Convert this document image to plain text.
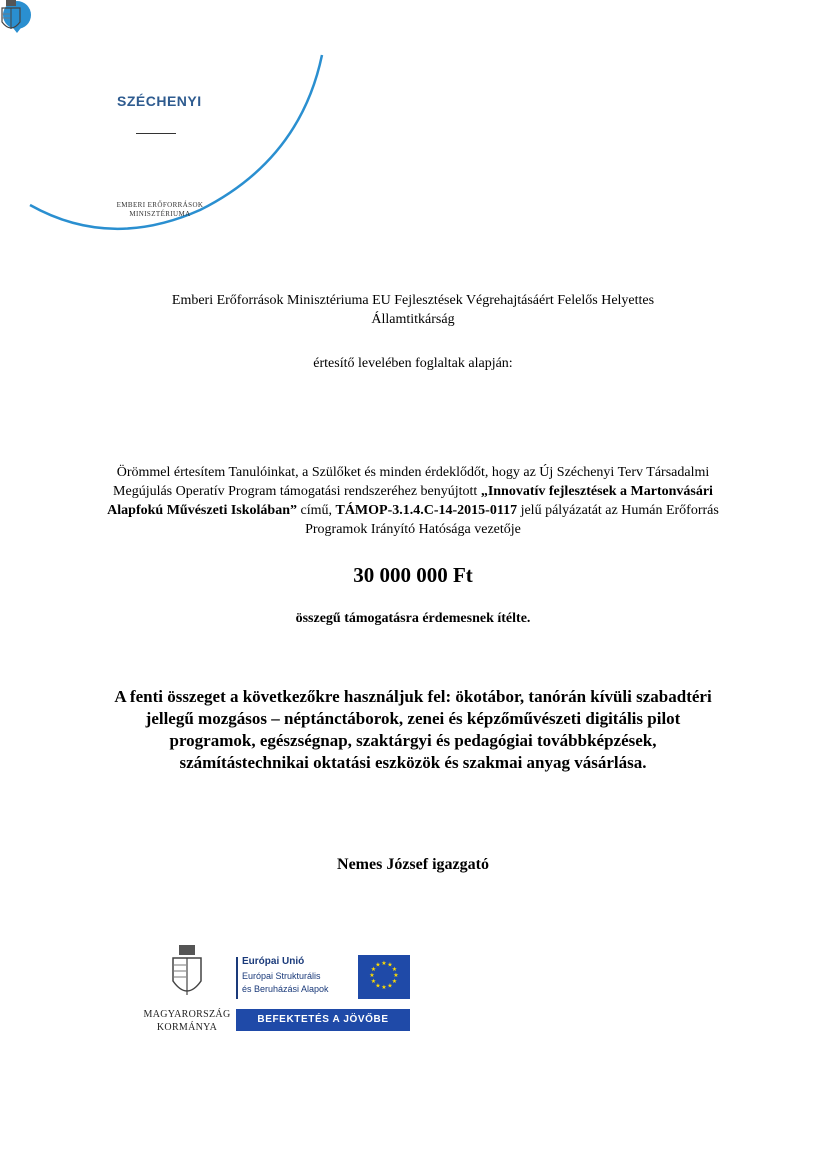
SZÉCHENYI	2020
EMBERI ERŐFORRÁSOK
MINISZTÉRIUMA
Emberi Erőforrások Minisztériuma EU Fejlesztések Végrehajtásáért Felelős Helyettes
Államtitkárság
értesítő levelében foglaltak alapján:
Örömmel értesítem Tanulóinkat, a Szülőket és minden érdeklődőt, hogy az Új Széchenyi Terv Társadalmi Megújulás Operatív Program támogatási rendszeréhez benyújtott „Innovatív fejlesztések a Martonvásári Alapfokú Művészeti Iskolában” című, TÁMOP-3.1.4.C-14-2015-0117 jelű pályázatát az Humán Erőforrás Programok Irányító Hatósága vezetője
30 000 000 Ft
összegű támogatásra érdemesnek ítélte.
A fenti összeget a következőkre használjuk fel: ökotábor, tanórán kívüli szabadtéri jellegű mozgásos – néptánctáborok, zenei és képzőművészeti digitális pilot programok, egészségnap, szaktárgyi és pedagógiai továbbképzések, számítástechnikai oktatási eszközök és szakmai anyag vásárlása.
Nemes József igazgató
MAGYARORSZÁG
KORMÁNYA
Európai Unió
Európai Strukturális
és Beruházási Alapok
★ ★
★
★
★
★
★
★
★
★
★
★
BEFEKTETÉS A JÖVŐBE
